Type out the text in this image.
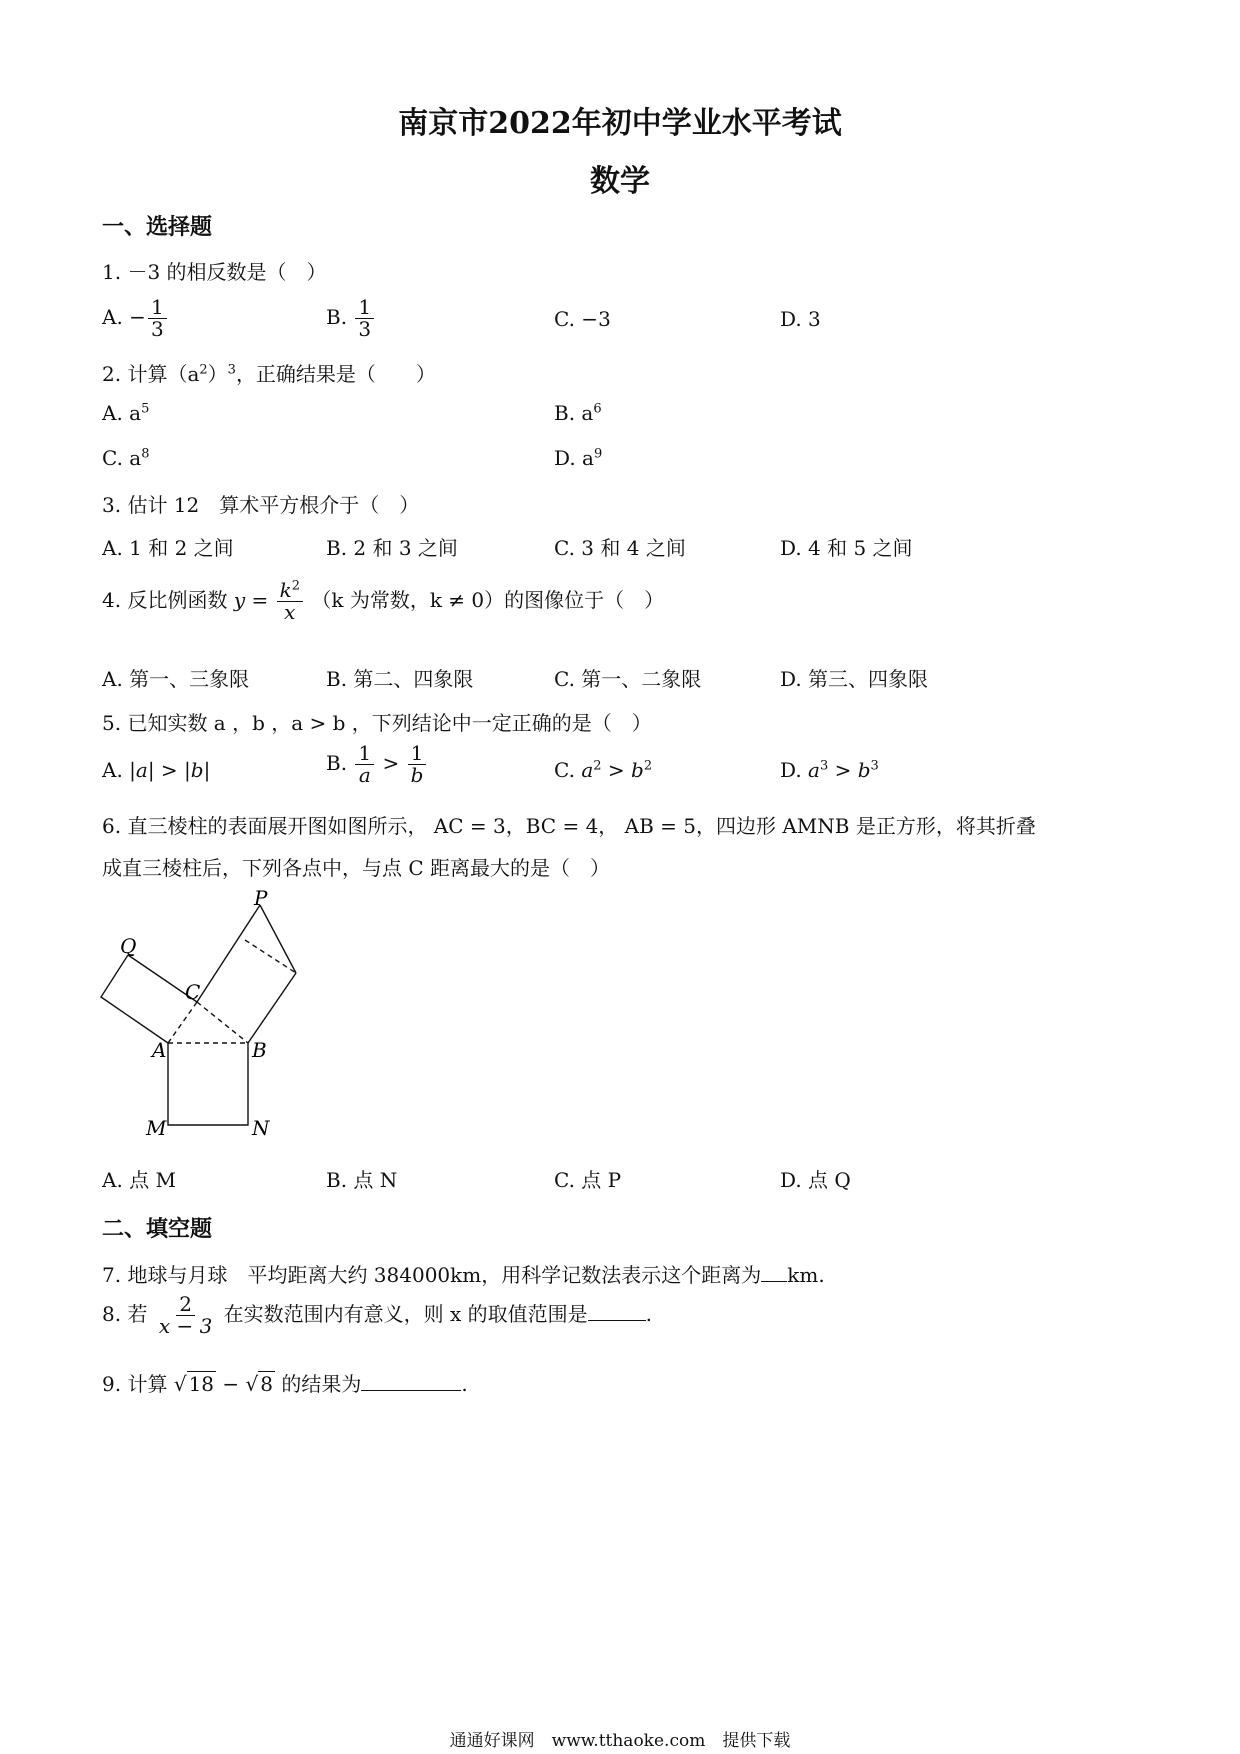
南京市2022年初中学业水平考试
数学
一、选择题
1. －3 的相反数是（　）
A. − $\frac{1}{3}$	B. $\frac{1}{3}$	C. −3	D. 3
2. 计算$(a^2)^3$，正确结果是（　　）
A. $a^5$	B. $a^6$
C. $a^8$	D. $a^9$
3. 估计 12　算术平方根介于（　）
A. 1 和 2 之间	B. 2 和 3 之间	C. 3 和 4 之间	D. 4 和 5 之间
4. 反比例函数 $y = \frac{k^2}{x} (k$ 为常数，k ≠ 0）的图像位于（　）
A. 第一、三象限	B. 第二、四象限	C. 第一、二象限	D. 第三、四象限
5. 已知实数 a ，b ，a > b ，下列结论中一定正确的是（　）
A. |a| > |b|	B. $\frac{1}{a} > \frac{1}{b}$	C. $a^2 > b^2$	D. $a^3 > b^3$
6. 直三棱柱的表面展开图如图所示， AC = 3，BC = 4， AB = 5，四边形 AMNB 是正方形，将其折叠
成直三棱柱后，下列各点中，与点 C 距离最大的是（　）
P
Q
C
A	B
M	N
A. 点 M	B. 点 N	C. 点 P	D. 点 Q
二、填空题
7. 地球与月球　平均距离大约 384000km，用科学记数法表示这个距离为 km.
8. 若 $\frac{2}{x - 3}$ 在实数范围内有意义，则 x 的取值范围是	.
9. 计算 √ 18 − √ 8 的结果为	.
通通好课网　www.tthaoke.com　提供下载
